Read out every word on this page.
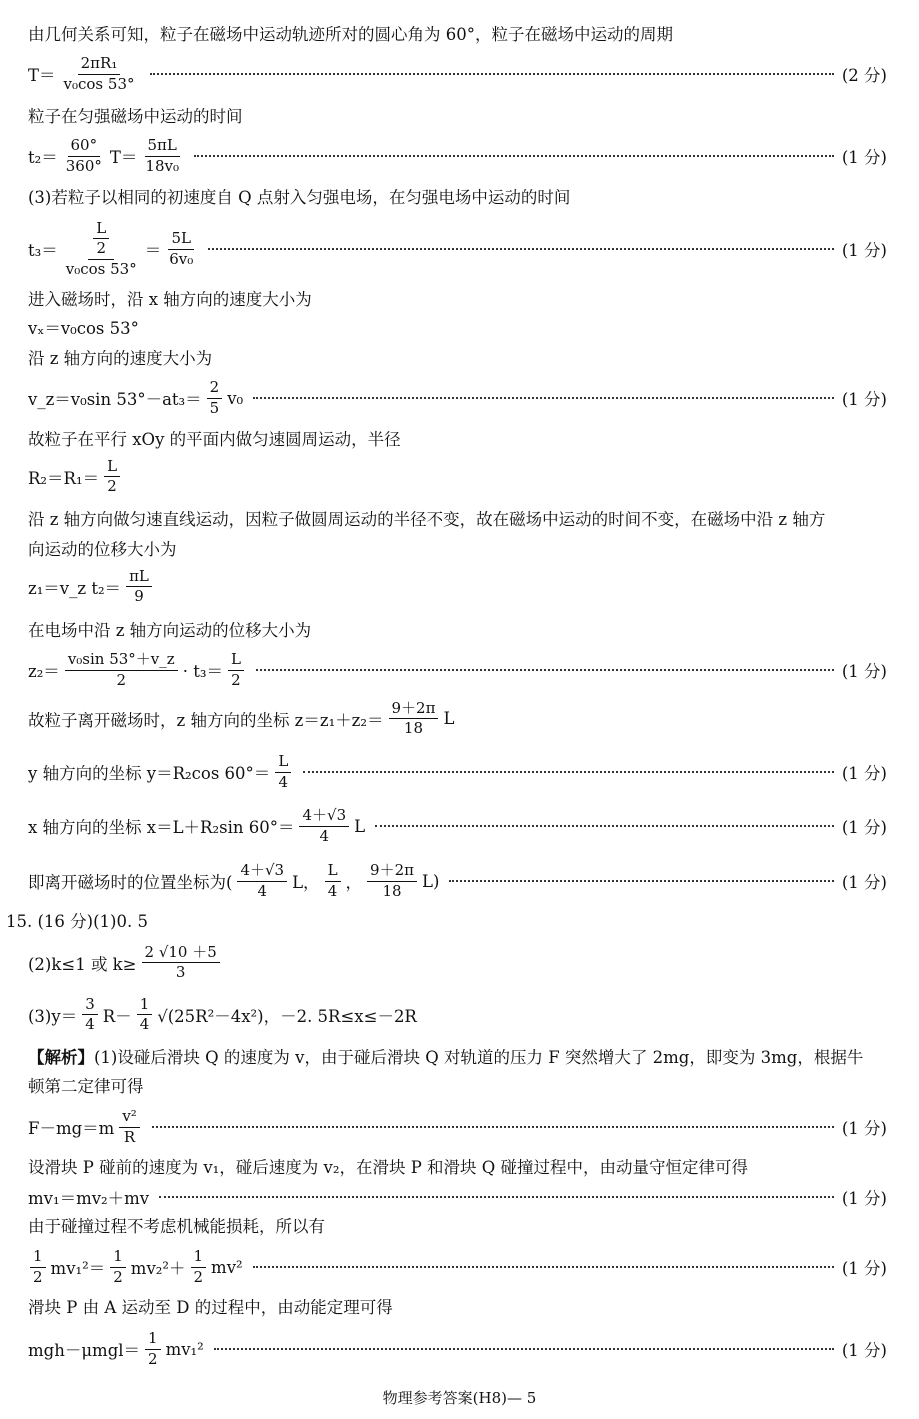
由几何关系可知，粒子在磁场中运动轨迹所对的圆心角为 60°，粒子在磁场中运动的周期
$T= \frac{\text{2πR₁}}{\text{v₀cos 53°}}$	(2 分)
粒子在匀强磁场中运动的时间
$t_2= \frac{60^\circ}{360^\circ} T= \frac{5\pi L}{\text{18v₀}}$	(1 分)
(3)若粒子以相同的初速度自 Q 点射入匀强电场，在匀强电场中运动的时间
$t_3= \frac{\frac{L}{2}}{\text{v₀cos 53°}} = \frac{5L}{\text{6v₀}}$	(1 分)
进入磁场时，沿 x 轴方向的速度大小为
vₓ＝v₀cos 53°
沿 z 轴方向的速度大小为
v_z＝v₀sin $53^\circ-at_3= \frac{2}{5} v_0$	(1 分)
故粒子在平行 xOy 的平面内做匀速圆周运动，半径
$R_2=R_1= \frac{L}{2}$
沿 z 轴方向做匀速直线运动，因粒子做圆周运动的半径不变，故在磁场中运动的时间不变，在磁场中沿 z 轴方
向运动的位移大小为
z₁＝v_z $t_2= \frac{\pi L}{9}$
在电场中沿 z 轴方向运动的位移大小为
$z_2= \frac{\text{v₀sin 53°＋v\_z}}{2} \cdot t_3= \frac{L}{2}$	(1 分)
故粒子离开磁场时，z 轴方向的坐标 $z=z_1+z_2= \frac{9+2\pi}{18}$ L
y 轴方向的坐标 y＝R₂cos $60^\circ= \frac{L}{4}$	(1 分)
x 轴方向的坐标 x＝L＋R₂sin $60^\circ= \frac{4+√3}{4}$ L	(1 分)
即离开磁场时的位置坐标为( $\frac{4+√3}{4}$ L， $\frac{L}{4}$ ， $\frac{9+2\pi}{18} L$)	(1 分)
15. (16 分)(1)0. 5
(2)k≤1 或 $k\ge \frac{2 √10 +5}{3}$
$(3)y= \frac{3}{4} R- \frac{1}{4} √(25R^2-4x^2)$，－2. 5R≤x≤－2R
【解析】(1)设碰后滑块 Q 的速度为 v，由于碰后滑块 Q 对轨道的压力 F 突然增大了 2mg，即变为 3mg，根据牛
顿第二定律可得
$F-mg=m \frac{\text{v²}}{R}$	(1 分)
设滑块 P 碰前的速度为 v₁，碰后速度为 v₂，在滑块 P 和滑块 Q 碰撞过程中，由动量守恒定律可得
mv₁＝mv₂＋mv	(1 分)
由于碰撞过程不考虑机械能损耗，所以有
$\frac{1}{2} mv_1^2= \frac{1}{2} mv_2^2+ \frac{1}{2} mv^2$	(1 分)
滑块 P 由 A 运动至 D 的过程中，由动能定理可得
$mgh-\mu mgl= \frac{1}{2} mv_1^2$	(1 分)
物理参考答案(H8)— 5
